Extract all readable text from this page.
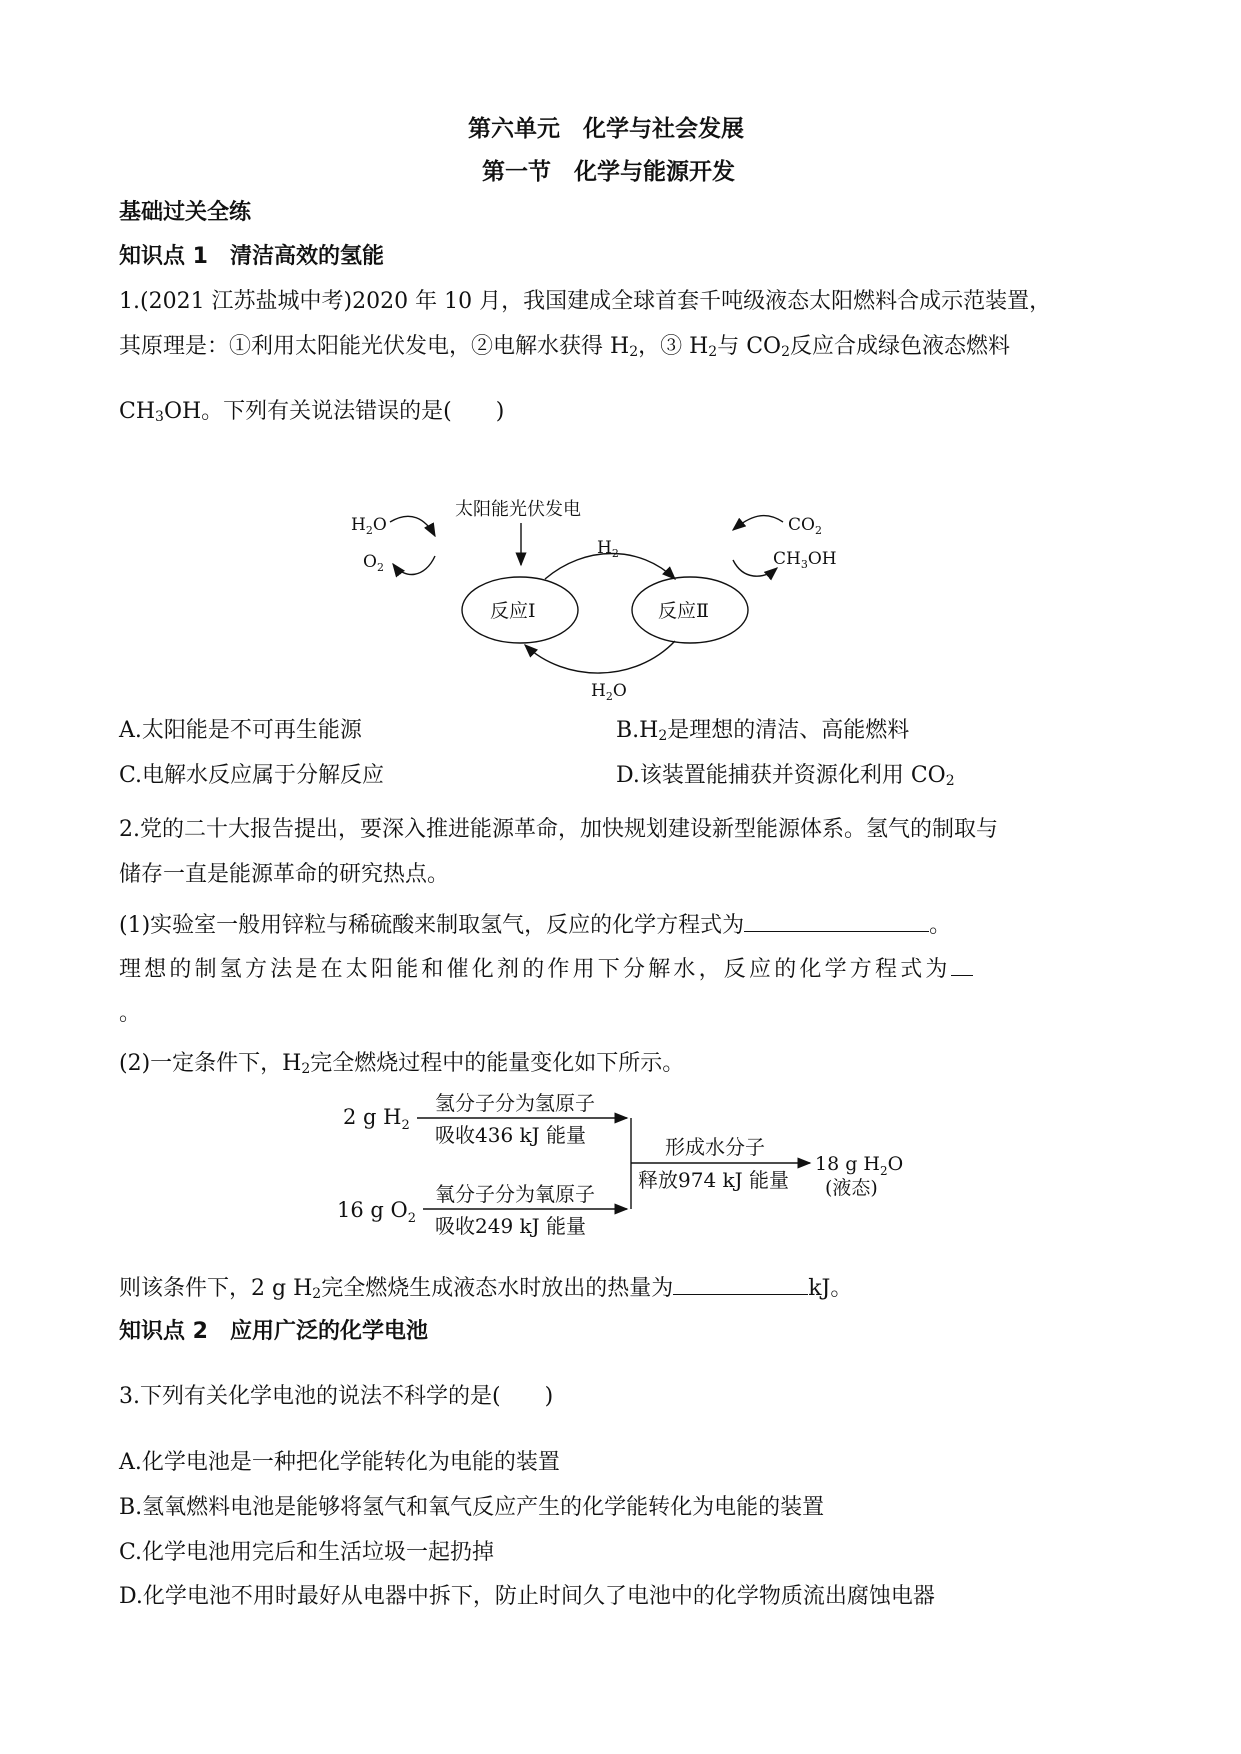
第六单元　化学与社会发展
第一节　化学与能源开发
基础过关全练
知识点 1　清洁高效的氢能
1.(2021 江苏盐城中考)2020 年 10 月，我国建成全球首套千吨级液态太阳燃料合成示范装置，
其原理是：①利用太阳能光伏发电，②电解水获得 $H_2$，③ $H_2$与 $CO_2$反应合成绿色液态燃料
$CH_3OH$。下列有关说法错误的是(　　)
太阳能光伏发电
反应Ⅰ	反应Ⅱ
$H_2$
$H_2O$
$H_2O$
$O_2$
$CO_2$
$CH_3OH$
A.太阳能是不可再生能源	$B.H_2$是理想的清洁、高能燃料
C.电解水反应属于分解反应	D.该装置能捕获并资源化利用 $CO_2$
2.党的二十大报告提出，要深入推进能源革命，加快规划建设新型能源体系。氢气的制取与
储存一直是能源革命的研究热点。
(1)实验室一般用锌粒与稀硫酸来制取氢气，反应的化学方程式为	。
理想的制氢方法是在太阳能和催化剂的作用下分解水，反应的化学方程式为
。
(2)一定条件下，$H_2$完全燃烧过程中的能量变化如下所示。
2 g $H_2$
氢分子分为氢原子
吸收436 kJ 能量
16 g $O_2$
氧分子分为氧原子
吸收249 kJ 能量
形成水分子
释放974 kJ 能量
18 g $H_2O$
(液态)
则该条件下，2 g $H_2$完全燃烧生成液态水时放出的热量为	kJ。
知识点 2　应用广泛的化学电池
3.下列有关化学电池的说法不科学的是(　　)
A.化学电池是一种把化学能转化为电能的装置
B.氢氧燃料电池是能够将氢气和氧气反应产生的化学能转化为电能的装置
C.化学电池用完后和生活垃圾一起扔掉
D.化学电池不用时最好从电器中拆下，防止时间久了电池中的化学物质流出腐蚀电器
